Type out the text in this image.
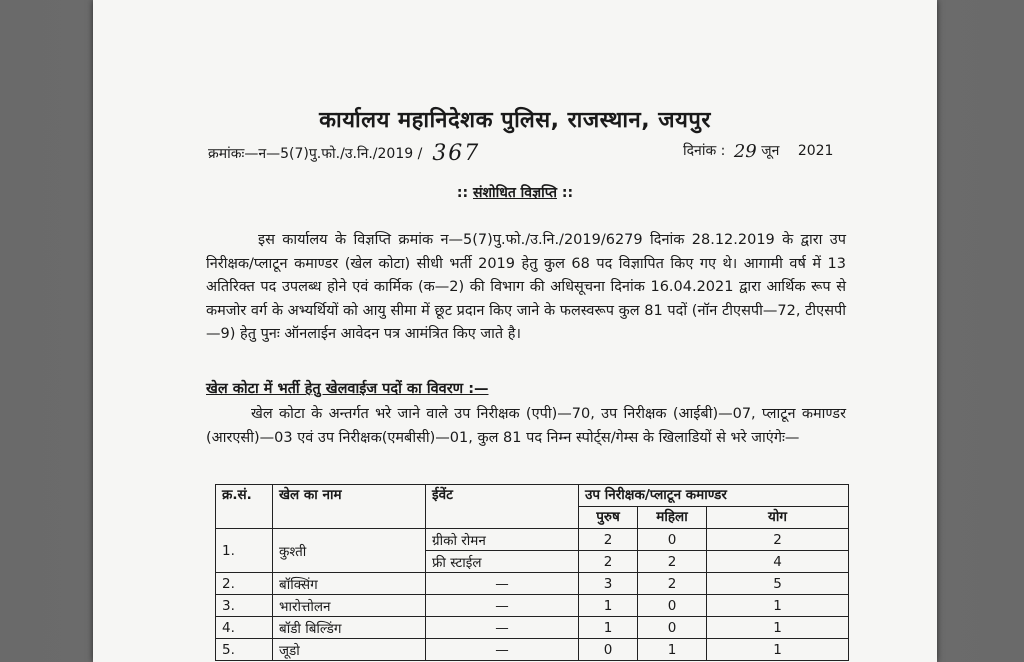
कार्यालय महानिदेशक पुलिस, राजस्थान, जयपुर
क्रमांकः—न—5(7)पु.फो./उ.नि./2019 / 367	दिनांक : 29 जून 2021
:: संशोधित विज्ञप्ति ::
इस कार्यालय के विज्ञप्ति क्रमांक न—5(7)पु.फो./उ.नि./2019/6279 दिनांक 28.12.2019 के द्वारा उप निरीक्षक/प्लाटून कमाण्डर (खेल कोटा) सीधी भर्ती 2019 हेतु कुल 68 पद विज्ञापित किए गए थे। आगामी वर्ष में 13 अतिरिक्त पद उपलब्ध होने एवं कार्मिक (क—2) की विभाग की अधिसूचना दिनांक 16.04.2021 द्वारा आर्थिक रूप से कमजोर वर्ग के अभ्यर्थियों को आयु सीमा में छूट प्रदान किए जाने के फलस्वरूप कुल 81 पदों (नॉन टीएसपी—72, टीएसपी—9) हेतु पुनः ऑनलाईन आवेदन पत्र आमंत्रित किए जाते है।
खेल कोटा में भर्ती हेतु खेलवाईज पदों का विवरण :—
खेल कोटा के अन्तर्गत भरे जाने वाले उप निरीक्षक (एपी)—70, उप निरीक्षक (आईबी)—07, प्लाटून कमाण्डर (आरएसी)—03 एवं उप निरीक्षक(एमबीसी)—01, कुल 81 पद निम्न स्पोर्ट्स/गेम्स के खिलाडियों से भरे जाएंगेः—
क्र.सं.	खेल का नाम	ईवेंट	उप निरीक्षक/प्लाटून कमाण्डर		
			पुरुष	महिला	योग
1.	कुश्ती	ग्रीको रोमन	2	0	2
		फ्री स्टाईल	2	2	4
2.	बॉक्सिंग	—	3	2	5
3.	भारोत्तोलन	—	1	0	1
4.	बॉडी बिल्डिंग	—	1	0	1
5.	जूडो	—	0	1	1
